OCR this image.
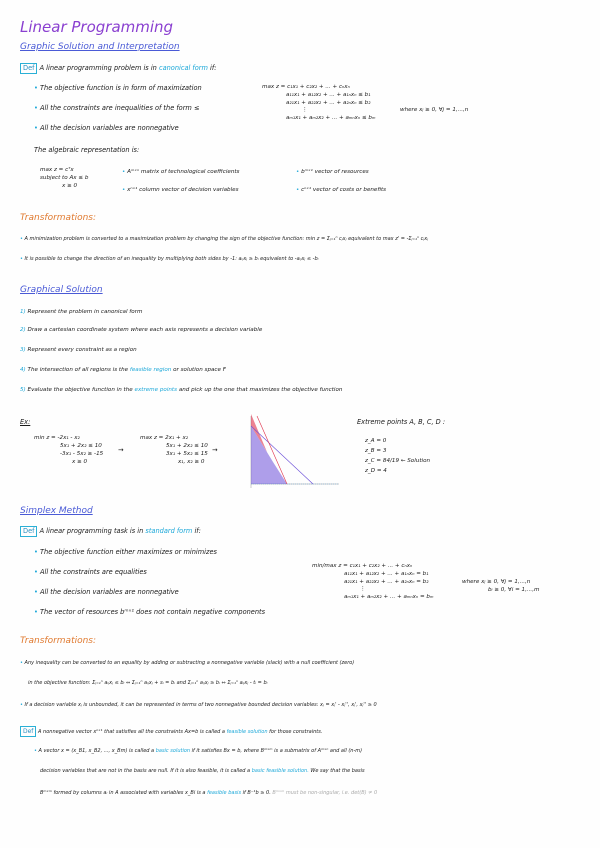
Linear Programming
Graphic Solution and Interpretation
Def A linear programming problem is in canonical form if:
• The objective function is in form of maximization
• All the constraints are inequalities of the form ≤
• All the decision variables are nonnegative
max z = c₁x₁ + c₂x₂ + ... + cₙxₙ
a₁₁x₁ + a₁₂x₂ + ... + a₁ₙxₙ ≤ b₁
a₂₁x₁ + a₂₂x₂ + ... + a₂ₙxₙ ≤ b₂
⋮
aₘ₁x₁ + aₘ₂x₂ + ... + aₘₙxₙ ≤ bₘ
where xⱼ ≥ 0, ∀j = 1,...,n
The algebraic representation is:
max z = cᵀx
subject to Ax ≤ b
x ≥ 0
• Aᵐˣⁿ matrix of technological coefficients
• xⁿˣ¹ column vector of decision variables
• bᵐˣ¹ vector of resources
• cⁿˣ¹ vector of costs or benefits
Transformations:
• A minimization problem is converted to a maximization problem by changing the sign of the objective function: min z = Σⱼ₌₁ⁿ cⱼxⱼ equivalent to max z' = -Σⱼ₌₁ⁿ cⱼxⱼ
• It is possible to change the direction of an inequality by multiplying both sides by -1: aᵢⱼxⱼ ≥ bᵢ equivalent to -aᵢⱼxⱼ ≤ -bᵢ
Graphical Solution
1) Represent the problem in canonical form
2) Draw a cartesian coordinate system where each axis represents a decision variable
3) Represent every constraint as a region
4) The intersection of all regions is the feasible region or solution space F
5) Evaluate the objective function in the extreme points and pick up the one that maximizes the objective function
Ex:
min z = -2x₁ - x₂
5x₁ + 2x₂ ≤ 10
-3x₁ - 5x₂ ≥ -15
x ≥ 0
→
max z = 2x₁ + x₂
5x₁ + 2x₂ ≤ 10
3x₁ + 5x₂ ≤ 15
x₁, x₂ ≥ 0
→
Extreme points A, B, C, D :
z_A = 0
z_B = 3
z_C = 84/19 ← Solution
z_D = 4
Simplex Method
Def A linear programming task is in standard form if:
• The objective function either maximizes or minimizes
• All the constraints are equalities
• All the decision variables are nonnegative
• The vector of resources bᵐˣ¹ does not contain negative components
min/max z = c₁x₁ + c₂x₂ + ... + cₙxₙ
a₁₁x₁ + a₁₂x₂ + ... + a₁ₙxₙ = b₁
a₂₁x₁ + a₂₂x₂ + ... + a₂ₙxₙ = b₂
⋮
aₘ₁x₁ + aₘ₂x₂ + ... + aₘₙxₙ = bₘ
where xⱼ ≥ 0, ∀j = 1,...,n
bᵢ ≥ 0, ∀i = 1,...,m
Transformations:
• Any inequality can be converted to an equality by adding or subtracting a nonnegative variable (slack) with a null coefficient (zero)
in the objective function: Σⱼ₌₁ⁿ aᵢⱼxⱼ ≤ bᵢ ⇔ Σⱼ₌₁ⁿ aᵢⱼxⱼ + sᵢ = bᵢ and Σⱼ₌₁ⁿ aᵢⱼxⱼ ≥ bᵢ ⇔ Σⱼ₌₁ⁿ aᵢⱼxⱼ - tᵢ = bᵢ
• If a decision variable xⱼ is unbounded, it can be represented in terms of two nonnegative bounded decision variables: xⱼ = xⱼ' - xⱼ'', xⱼ', xⱼ'' ≥ 0
Def A nonnegative vector xⁿˣ¹ that satisfies all the constraints Ax=b is called a feasible solution for those constraints.
• A vector x = (x_B1, x_B2, ..., x_Bm) is called a basic solution if it satisfies Bx = b, where Bᵐˣᵐ is a submatrix of Aᵐˣⁿ and all (n-m)
decision variables that are not in the basis are null. If it is also feasible, it is called a basic feasible solution. We say that the basis
Bᵐˣᵐ formed by columns aᵢ in A associated with variables x_Bi is a feasible basis if B⁻¹b ≥ 0. Bᵐˣᵐ must be non-singular, i.e. det(B) ≠ 0
